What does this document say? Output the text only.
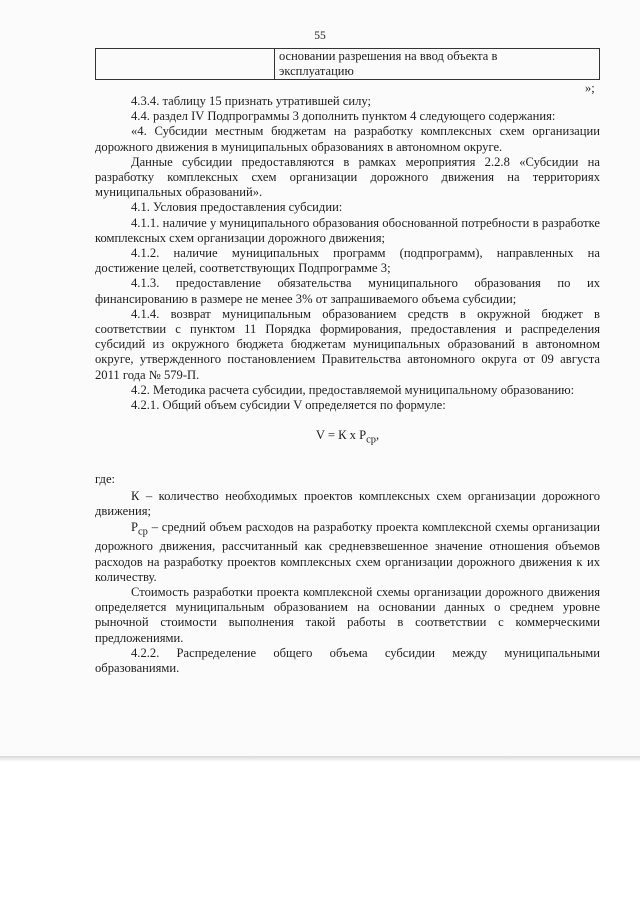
55
	основании разрешения на ввод объекта в
эксплуатацию
»;

4.3.4. таблицу 15 признать утратившей силу;

4.4. раздел IV Подпрограммы 3 дополнить пунктом 4 следующего содержания:

«4. Субсидии местным бюджетам на разработку комплексных схем организации дорожного движения в муниципальных образованиях в автономном округе.

Данные субсидии предоставляются в рамках мероприятия 2.2.8 «Субсидии на разработку комплексных схем организации дорожного движения на территориях муниципальных образований».

4.1. Условия предоставления субсидии:

4.1.1. наличие у муниципального образования обоснованной потребности в разработке комплексных схем организации дорожного движения;

4.1.2. наличие муниципальных программ (подпрограмм), направленных на достижение целей, соответствующих Подпрограмме 3;

4.1.3. предоставление обязательства муниципального образования по их финансированию в размере не менее 3% от запрашиваемого объема субсидии;

4.1.4. возврат муниципальным образованием средств в окружной бюджет в соответствии с пунктом 11 Порядка формирования, предоставления и распределения субсидий из окружного бюджета бюджетам муниципальных образований в автономном округе, утвержденного постановлением Правительства автономного округа от 09 августа 2011 года № 579-П.

4.2. Методика расчета субсидии, предоставляемой муниципальному образованию:

4.2.1. Общий объем субсидии V определяется по формуле:

V = К x $Р_{ср}$,

где:

К – количество необходимых проектов комплексных схем организации дорожного движения;

$Р_{ср}$ – средний объем расходов на разработку проекта комплексной схемы организации дорожного движения, рассчитанный как средневзвешенное значение отношения объемов расходов на разработку проектов комплексных схем организации дорожного движения к их количеству.

Стоимость разработки проекта комплексной схемы организации дорожного движения определяется муниципальным образованием на основании данных о среднем уровне рыночной стоимости выполнения такой работы в соответствии с коммерческими предложениями.

4.2.2. Распределение общего объема субсидии между муниципальными образованиями.
